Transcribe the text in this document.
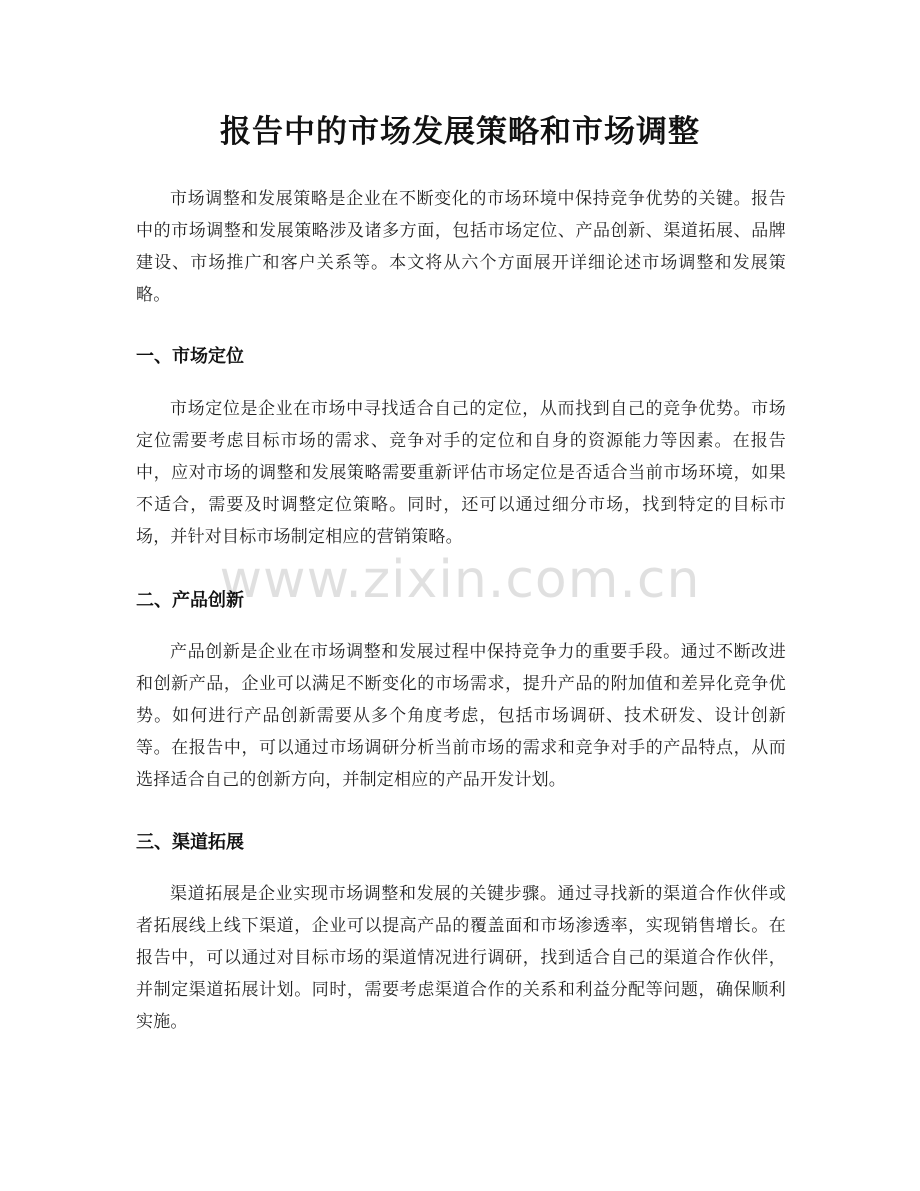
报告中的市场发展策略和市场调整

市场调整和发展策略是企业在不断变化的市场环境中保持竞争优势的关键。报告中的市场调整和发展策略涉及诸多方面，包括市场定位、产品创新、渠道拓展、品牌建设、市场推广和客户关系等。本文将从六个方面展开详细论述市场调整和发展策略。

一、市场定位

市场定位是企业在市场中寻找适合自己的定位，从而找到自己的竞争优势。市场定位需要考虑目标市场的需求、竞争对手的定位和自身的资源能力等因素。在报告中，应对市场的调整和发展策略需要重新评估市场定位是否适合当前市场环境，如果不适合，需要及时调整定位策略。同时，还可以通过细分市场，找到特定的目标市场，并针对目标市场制定相应的营销策略。

二、产品创新

产品创新是企业在市场调整和发展过程中保持竞争力的重要手段。通过不断改进和创新产品，企业可以满足不断变化的市场需求，提升产品的附加值和差异化竞争优势。如何进行产品创新需要从多个角度考虑，包括市场调研、技术研发、设计创新等。在报告中，可以通过市场调研分析当前市场的需求和竞争对手的产品特点，从而选择适合自己的创新方向，并制定相应的产品开发计划。

三、渠道拓展

渠道拓展是企业实现市场调整和发展的关键步骤。通过寻找新的渠道合作伙伴或者拓展线上线下渠道，企业可以提高产品的覆盖面和市场渗透率，实现销售增长。在报告中，可以通过对目标市场的渠道情况进行调研，找到适合自己的渠道合作伙伴，并制定渠道拓展计划。同时，需要考虑渠道合作的关系和利益分配等问题，确保顺利实施。

www.zixin.com.cn
